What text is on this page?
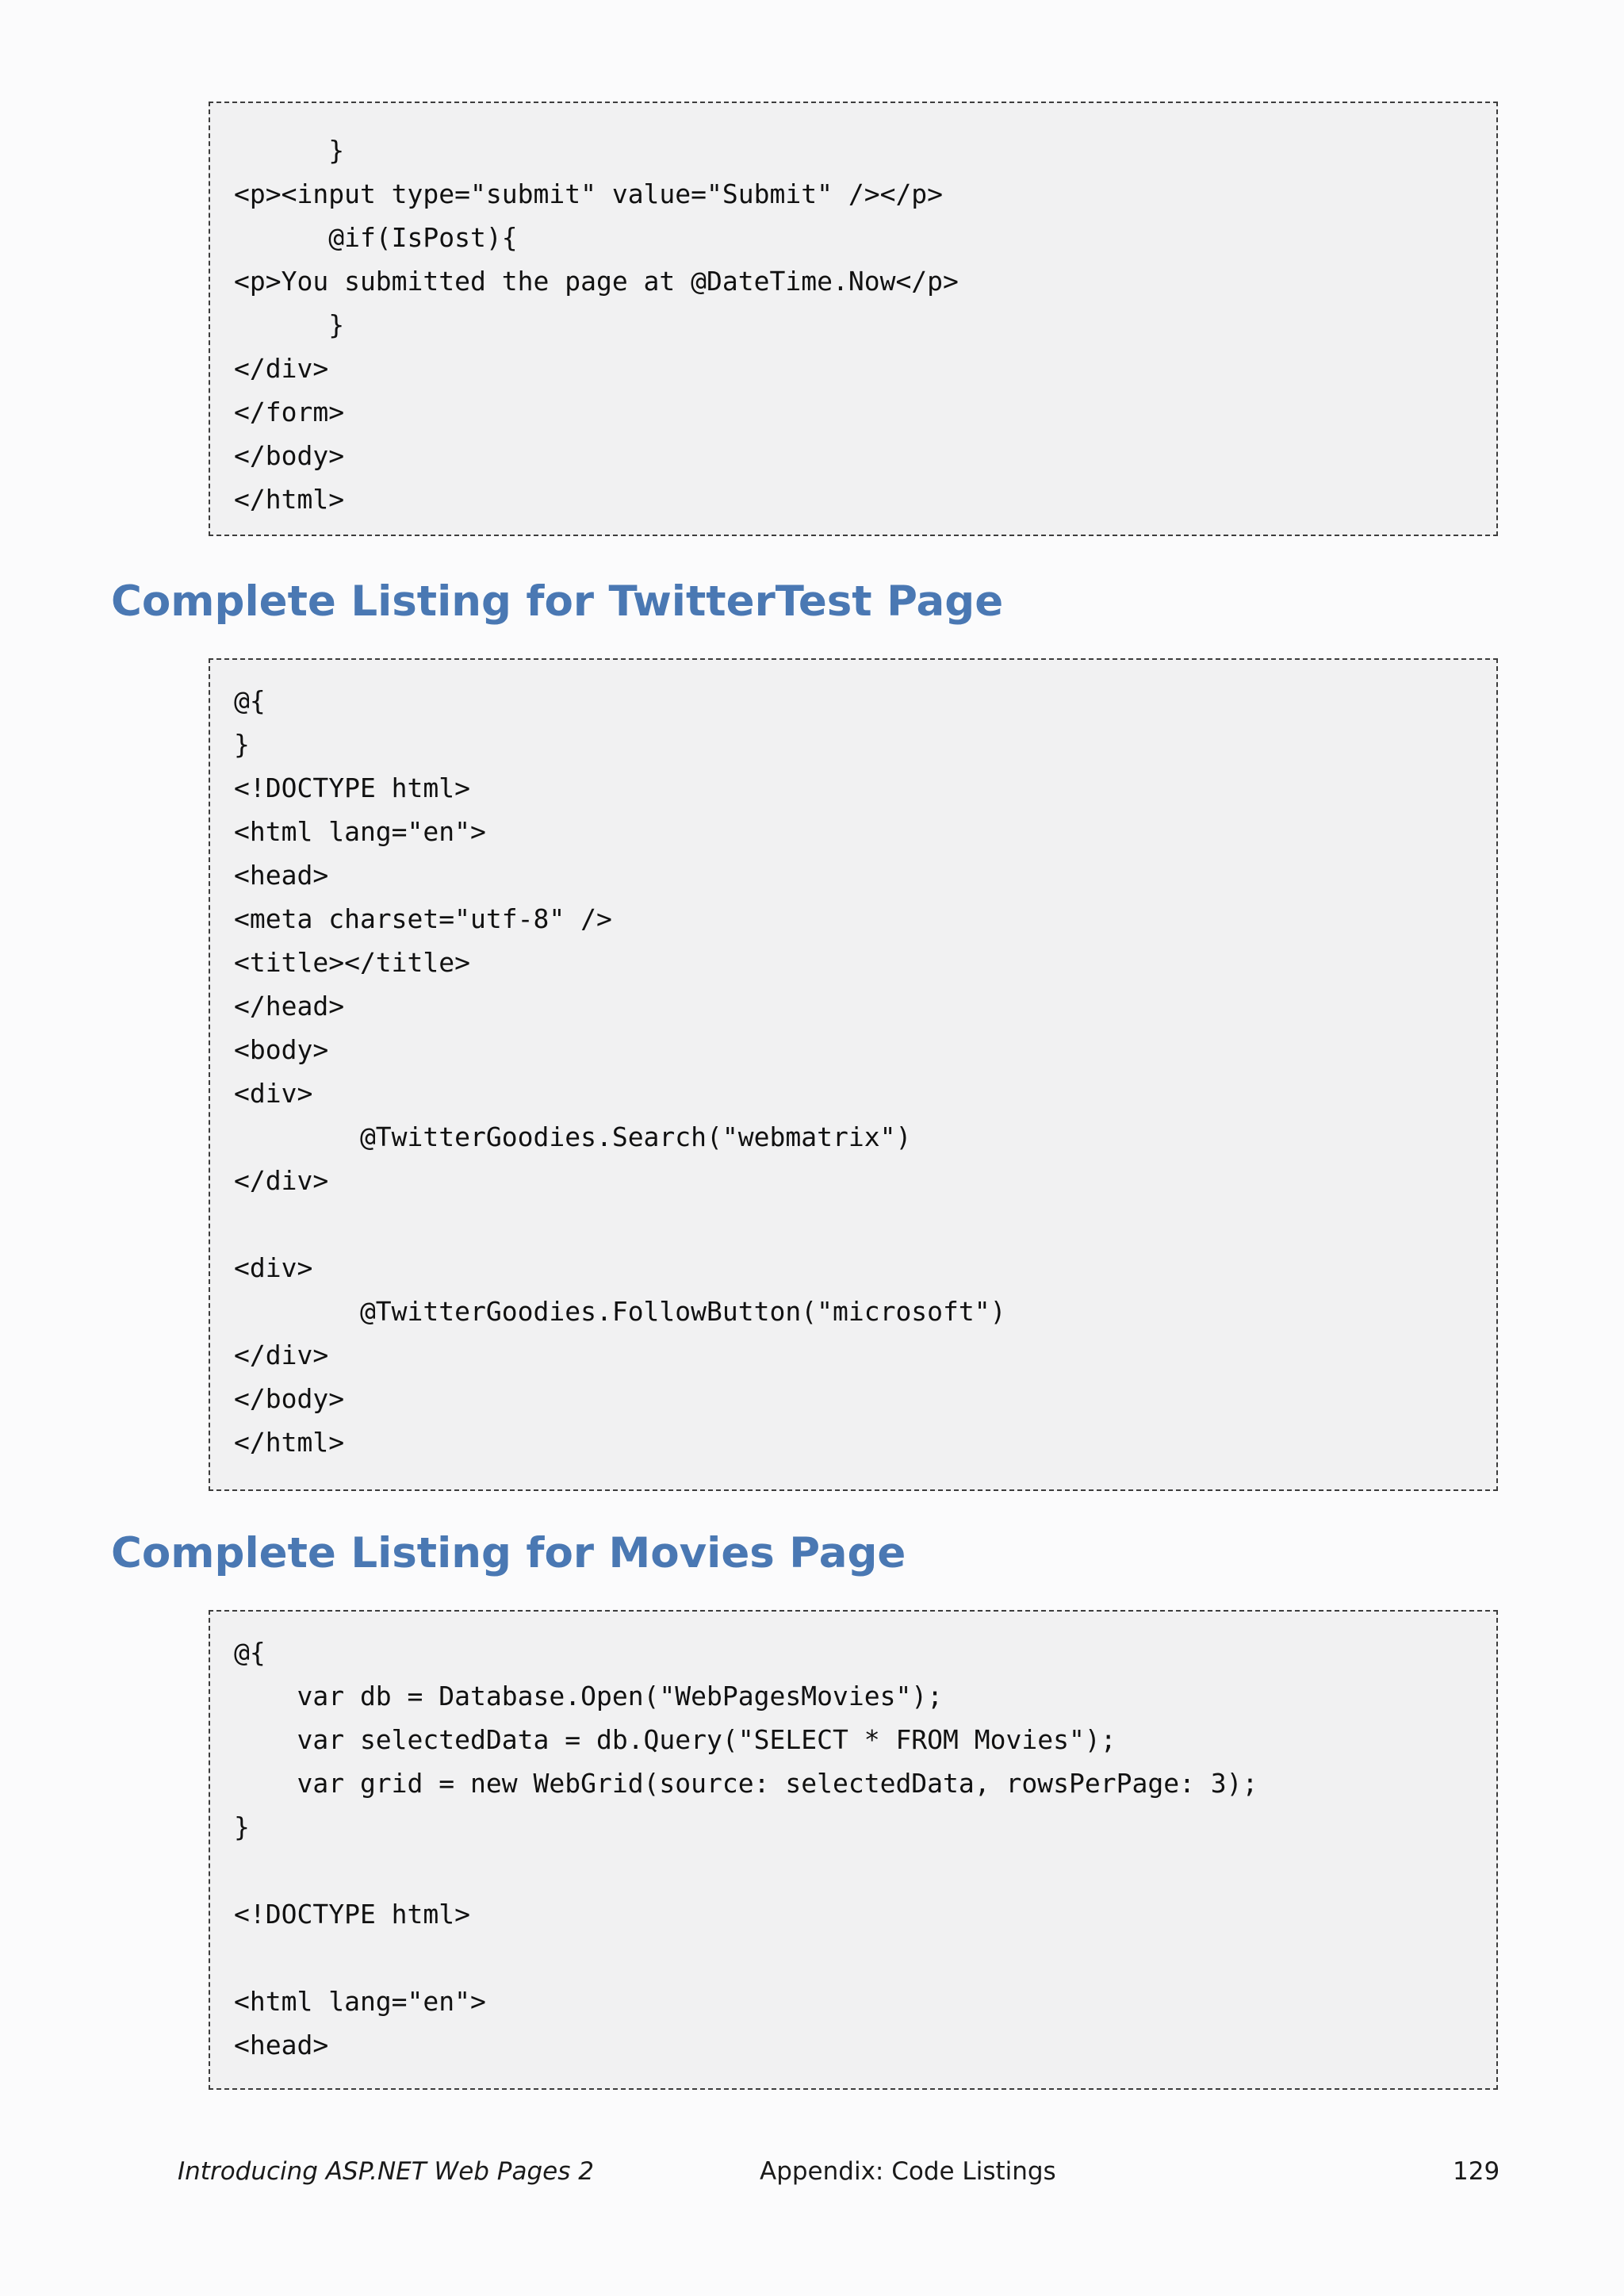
}
<p><input type="submit" value="Submit" /></p>
@if(IsPost){
<p>You submitted the page at @DateTime.Now</p>
}
</div>
</form>
</body>
</html>
Complete Listing for TwitterTest Page
@{
}
<!DOCTYPE html>
<html lang="en">
<head>
<meta charset="utf-8" />
<title></title>
</head>
<body>
<div>
@TwitterGoodies.Search("webmatrix")
</div>
<div>
@TwitterGoodies.FollowButton("microsoft")
</div>
</body>
</html>
Complete Listing for Movies Page
@{
var db = Database.Open("WebPagesMovies");
var selectedData = db.Query("SELECT * FROM Movies");
var grid = new WebGrid(source: selectedData, rowsPerPage: 3);
}
<!DOCTYPE html>
<html lang="en">
<head>
Introducing ASP.NET Web Pages 2	Appendix: Code Listings	129
